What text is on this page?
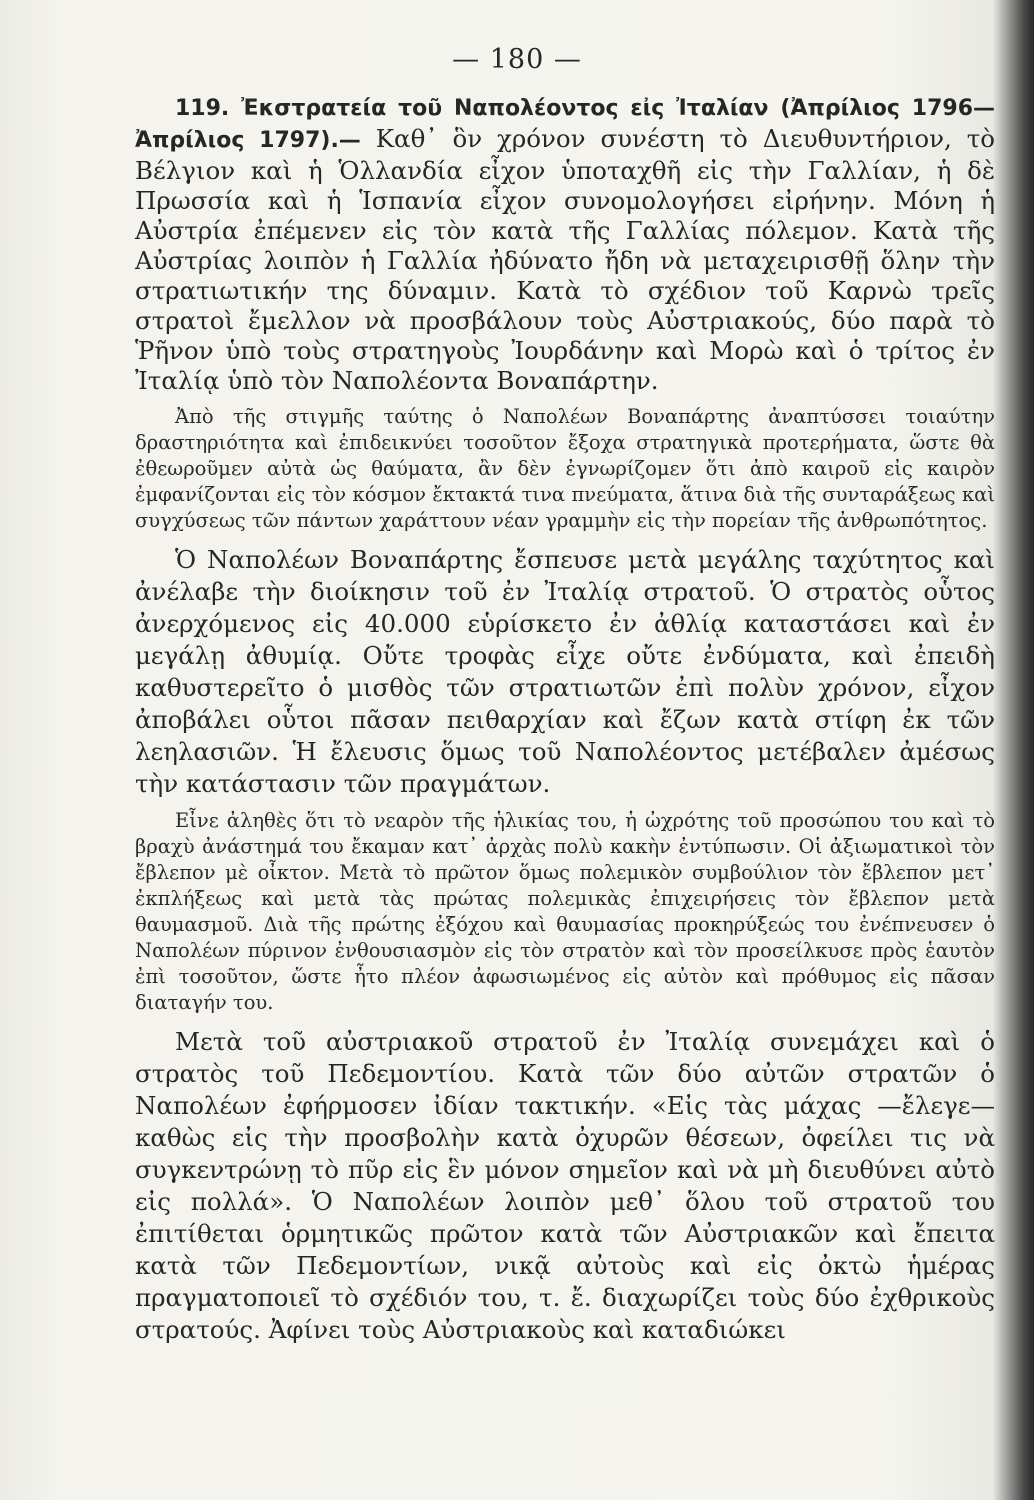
— 180 —

119. Ἐκστρατεία τοῦ Ναπολέοντος εἰς Ἰταλίαν (Ἀπρίλιος 1796—Ἀπρίλιος 1797).— Καθ᾽ ὃν χρόνον συνέστη τὸ Διευθυντήριον, τὸ Βέλγιον καὶ ἡ Ὁλλανδία εἶχον ὑποταχθῆ εἰς τὴν Γαλλίαν, ἡ δὲ Πρωσσία καὶ ἡ Ἱσπανία εἶχον συνομολογήσει εἰρήνην. Μόνη ἡ Αὐστρία ἐπέμενεν εἰς τὸν κατὰ τῆς Γαλλίας πόλεμον. Κατὰ τῆς Αὐστρίας λοιπὸν ἡ Γαλλία ἠδύνατο ἤδη νὰ μεταχειρισθῇ ὅλην τὴν στρατιωτικήν της δύναμιν. Κατὰ τὸ σχέδιον τοῦ Καρνὼ τρεῖς στρατοὶ ἔμελλον νὰ προσβάλουν τοὺς Αὐστριακούς, δύο παρὰ τὸ Ῥῆνον ὑπὸ τοὺς στρατηγοὺς Ἰουρδάνην καὶ Μορὼ καὶ ὁ τρίτος ἐν Ἰταλίᾳ ὑπὸ τὸν Ναπολέοντα Βοναπάρτην.

Ἀπὸ τῆς στιγμῆς ταύτης ὁ Ναπολέων Βοναπάρτης ἀναπτύσσει τοιαύτην δραστηριότητα καὶ ἐπιδεικνύει τοσοῦτον ἔξοχα στρατηγικὰ προτερήματα, ὥστε θὰ ἐθεωροῦμεν αὐτὰ ὡς θαύματα, ἂν δὲν ἐγνωρίζομεν ὅτι ἀπὸ καιροῦ εἰς καιρὸν ἐμφανίζονται εἰς τὸν κόσμον ἔκτακτά τινα πνεύματα, ἅτινα διὰ τῆς συνταράξεως καὶ συγχύσεως τῶν πάντων χαράττουν νέαν γραμμὴν εἰς τὴν πορείαν τῆς ἀνθρωπότητος.

Ὁ Ναπολέων Βοναπάρτης ἔσπευσε μετὰ μεγάλης ταχύτητος καὶ ἀνέλαβε τὴν διοίκησιν τοῦ ἐν Ἰταλίᾳ στρατοῦ. Ὁ στρατὸς οὗτος ἀνερχόμενος εἰς 40.000 εὑρίσκετο ἐν ἀθλίᾳ καταστάσει καὶ ἐν μεγάλῃ ἀθυμίᾳ. Οὔτε τροφὰς εἶχε οὔτε ἐνδύματα, καὶ ἐπειδὴ καθυστερεῖτο ὁ μισθὸς τῶν στρατιωτῶν ἐπὶ πολὺν χρόνον, εἶχον ἀποβάλει οὗτοι πᾶσαν πειθαρχίαν καὶ ἔζων κατὰ στίφη ἐκ τῶν λεηλασιῶν. Ἡ ἔλευσις ὅμως τοῦ Ναπολέοντος μετέβαλεν ἀμέσως τὴν κατάστασιν τῶν πραγμάτων.

Εἶνε ἀληθὲς ὅτι τὸ νεαρὸν τῆς ἡλικίας του, ἡ ὠχρότης τοῦ προσώπου του καὶ τὸ βραχὺ ἀνάστημά του ἔκαμαν κατ᾽ ἀρχὰς πολὺ κακὴν ἐντύπωσιν. Οἱ ἀξιωματικοὶ τὸν ἔβλεπον μὲ οἶκτον. Μετὰ τὸ πρῶτον ὅμως πολεμικὸν συμβούλιον τὸν ἔβλεπον μετ᾽ ἐκπλήξεως καὶ μετὰ τὰς πρώτας πολεμικὰς ἐπιχειρήσεις τὸν ἔβλεπον μετὰ θαυμασμοῦ. Διὰ τῆς πρώτης ἐξόχου καὶ θαυμασίας προκηρύξεώς του ἐνέπνευσεν ὁ Ναπολέων πύρινον ἐνθουσιασμὸν εἰς τὸν στρατὸν καὶ τὸν προσείλκυσε πρὸς ἑαυτὸν ἐπὶ τοσοῦτον, ὥστε ἦτο πλέον ἀφωσιωμένος εἰς αὐτὸν καὶ πρόθυμος εἰς πᾶσαν διαταγήν του.

Μετὰ τοῦ αὐστριακοῦ στρατοῦ ἐν Ἰταλίᾳ συνεμάχει καὶ ὁ στρατὸς τοῦ Πεδεμοντίου. Κατὰ τῶν δύο αὐτῶν στρατῶν ὁ Ναπολέων ἐφήρμοσεν ἰδίαν τακτικήν. «Εἰς τὰς μάχας —ἔλεγε— καθὼς εἰς τὴν προσβολὴν κατὰ ὀχυρῶν θέσεων, ὀφείλει τις νὰ συγκεντρώνῃ τὸ πῦρ εἰς ἓν μόνον σημεῖον καὶ νὰ μὴ διευθύνει αὐτὸ εἰς πολλά». Ὁ Ναπολέων λοιπὸν μεθ᾽ ὅλου τοῦ στρατοῦ του ἐπιτίθεται ὁρμητικῶς πρῶτον κατὰ τῶν Αὐστριακῶν καὶ ἔπειτα κατὰ τῶν Πεδεμοντίων, νικᾷ αὐτοὺς καὶ εἰς ὀκτὼ ἡμέρας πραγματοποιεῖ τὸ σχέδιόν του, τ. ἔ. διαχωρίζει τοὺς δύο ἐχθρικοὺς στρατούς. Ἀφίνει τοὺς Αὐστριακοὺς καὶ καταδιώκει
